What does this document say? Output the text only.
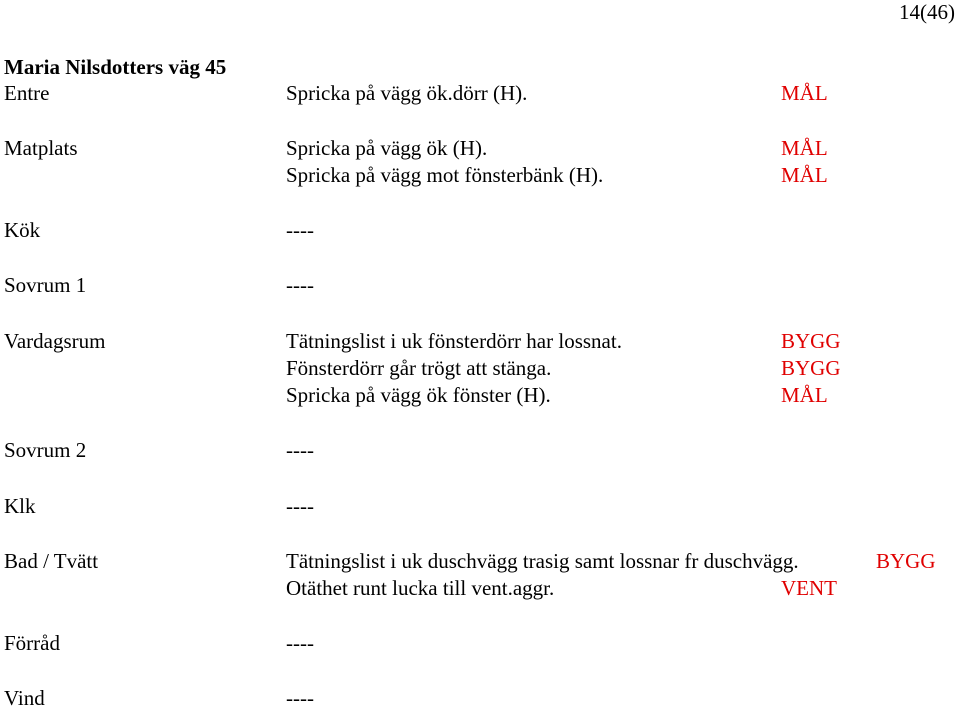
14(46)
Maria Nilsdotters väg 45
Entre	Spricka på vägg ök.dörr (H).	MÅL
Matplats	Spricka på vägg ök (H).	MÅL
Spricka på vägg mot fönsterbänk (H).	MÅL
Kök	----
Sovrum 1	----
Vardagsrum	Tätningslist i uk fönsterdörr har lossnat.	BYGG
Fönsterdörr går trögt att stänga.	BYGG
Spricka på vägg ök fönster (H).	MÅL
Sovrum 2	----
Klk	----
Bad / Tvätt	Tätningslist i uk duschvägg trasig samt lossnar fr duschvägg.	BYGG
Otäthet runt lucka till vent.aggr.	VENT
Förråd	----
Vind	----
